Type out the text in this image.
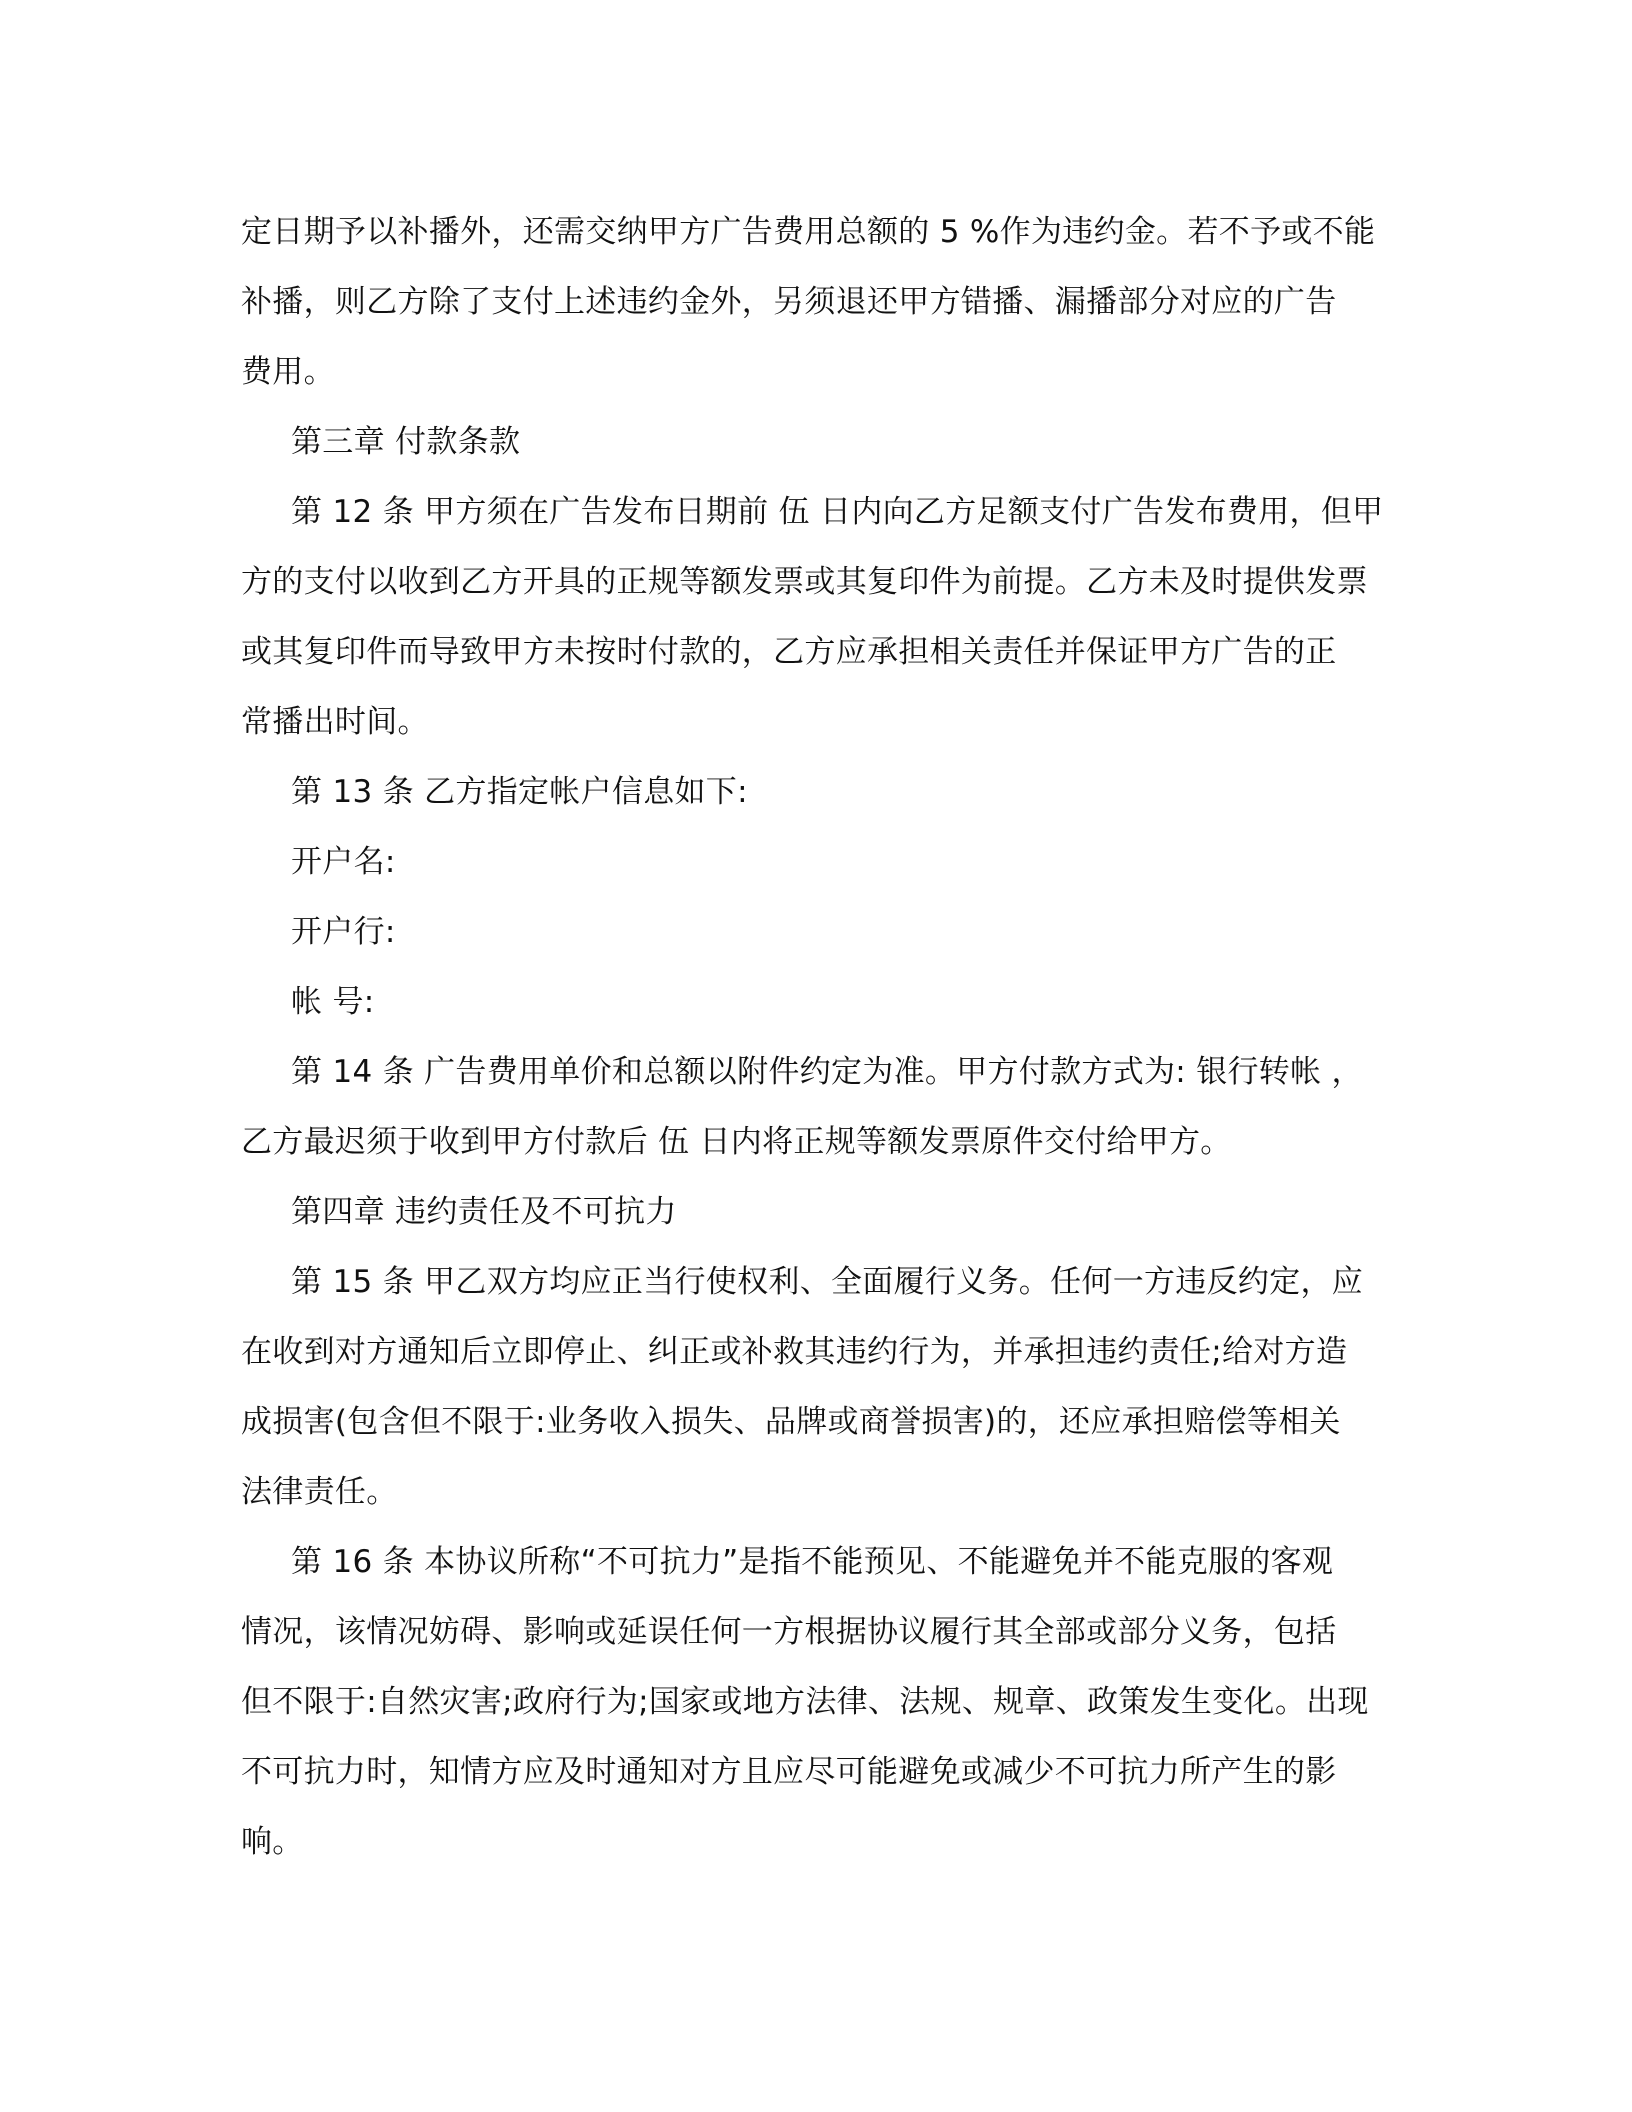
定日期予以补播外，还需交纳甲方广告费用总额的 5 %作为违约金。若不予或不能
补播，则乙方除了支付上述违约金外，另须退还甲方错播、漏播部分对应的广告
费用。
第三章 付款条款
第 12 条 甲方须在广告发布日期前 伍 日内向乙方足额支付广告发布费用，但甲
方的支付以收到乙方开具的正规等额发票或其复印件为前提。乙方未及时提供发票
或其复印件而导致甲方未按时付款的，乙方应承担相关责任并保证甲方广告的正
常播出时间。
第 13 条 乙方指定帐户信息如下:
开户名:
开户行:
帐 号:
第 14 条 广告费用单价和总额以附件约定为准。甲方付款方式为: 银行转帐 ，
乙方最迟须于收到甲方付款后 伍 日内将正规等额发票原件交付给甲方。
第四章 违约责任及不可抗力
第 15 条 甲乙双方均应正当行使权利、全面履行义务。任何一方违反约定，应
在收到对方通知后立即停止、纠正或补救其违约行为，并承担违约责任;给对方造
成损害(包含但不限于:业务收入损失、品牌或商誉损害)的，还应承担赔偿等相关
法律责任。
第 16 条 本协议所称“不可抗力”是指不能预见、不能避免并不能克服的客观
情况，该情况妨碍、影响或延误任何一方根据协议履行其全部或部分义务，包括
但不限于:自然灾害;政府行为;国家或地方法律、法规、规章、政策发生变化。出现
不可抗力时，知情方应及时通知对方且应尽可能避免或减少不可抗力所产生的影
响。
